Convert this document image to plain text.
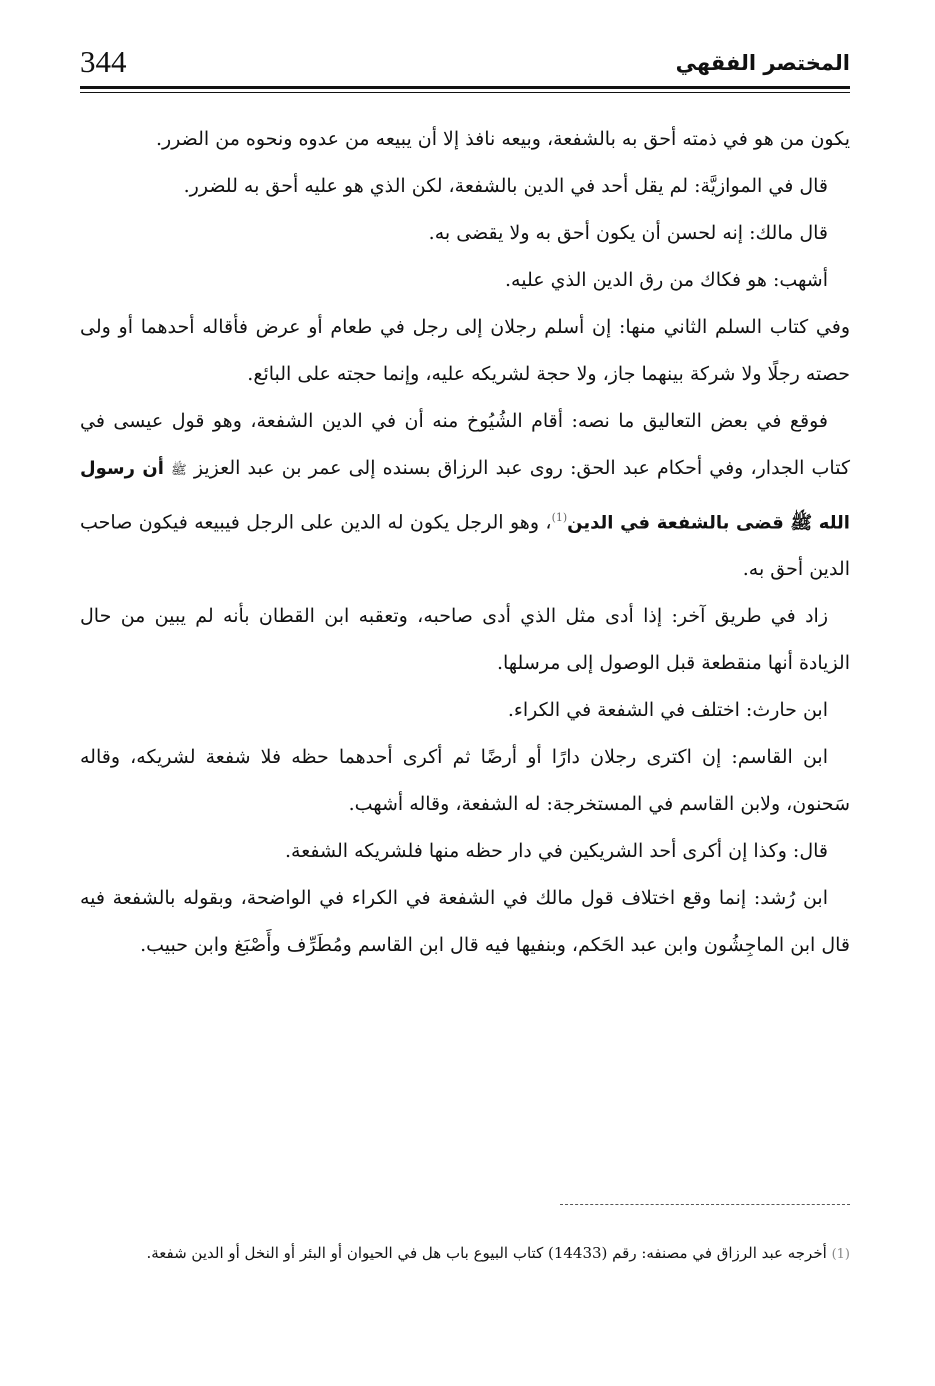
344	المختصر الفقهي

يكون من هو في ذمته أحق به بالشفعة، وبيعه نافذ إلا أن يبيعه من عدوه ونحوه من الضرر.

قال في الموازيَّة: لم يقل أحد في الدين بالشفعة، لكن الذي هو عليه أحق به للضرر.

قال مالك: إنه لحسن أن يكون أحق به ولا يقضى به.

أشهب: هو فكاك من رق الدين الذي عليه.

وفي كتاب السلم الثاني منها: إن أسلم رجلان إلى رجل في طعام أو عرض فأقاله أحدهما أو ولى حصته رجلًا ولا شركة بينهما جاز، ولا حجة لشريكه عليه، وإنما حجته على البائع.

فوقع في بعض التعاليق ما نصه: أقام الشُيُوخ منه أن في الدين الشفعة، وهو قول عيسى في كتاب الجدار، وفي أحكام عبد الحق: روى عبد الرزاق بسنده إلى عمر بن عبد العزيز ﷺ أن رسول الله ﷺ قضى بالشفعة في الدين$^{(1)}$، وهو الرجل يكون له الدين على الرجل فيبيعه فيكون صاحب الدين أحق به.

زاد في طريق آخر: إذا أدى مثل الذي أدى صاحبه، وتعقبه ابن القطان بأنه لم يبين من حال الزيادة أنها منقطعة قبل الوصول إلى مرسلها.

ابن حارث: اختلف في الشفعة في الكراء.

ابن القاسم: إن اكترى رجلان دارًا أو أرضًا ثم أكرى أحدهما حظه فلا شفعة لشريكه، وقاله سَحنون، ولابن القاسم في المستخرجة: له الشفعة، وقاله أشهب.

قال: وكذا إن أكرى أحد الشريكين في دار حظه منها فلشريكه الشفعة.

ابن رُشد: إنما وقع اختلاف قول مالك في الشفعة في الكراء في الواضحة، وبقوله بالشفعة فيه قال ابن الماجِشُون وابن عبد الحَكم، وبنفيها فيه قال ابن القاسم ومُطَرِّف وأَصْبَغ وابن حبيب.

(1) أخرجه عبد الرزاق في مصنفه: رقم (14433) كتاب البيوع باب هل في الحيوان أو البئر أو النخل أو الدين شفعة.
